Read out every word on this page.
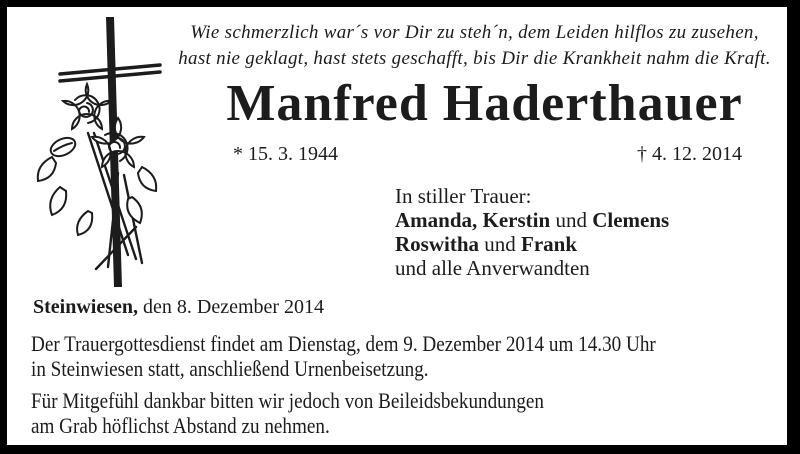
Wie schmerzlich war´s vor Dir zu steh´n, dem Leiden hilflos zu zusehen,
hast nie geklagt, hast stets geschafft, bis Dir die Krankheit nahm die Kraft.
Manfred Haderthauer
* 15. 3. 1944	† 4. 12. 2014
In stiller Trauer:
Amanda, Kerstin und Clemens
Roswitha und Frank
und alle Anverwandten
Steinwiesen, den 8. Dezember 2014
Der Trauergottesdienst findet am Dienstag, dem 9. Dezember 2014 um 14.30 Uhr
in Steinwiesen statt, anschließend Urnenbeisetzung.
Für Mitgefühl dankbar bitten wir jedoch von Beileidsbekundungen
am Grab höflichst Abstand zu nehmen.
